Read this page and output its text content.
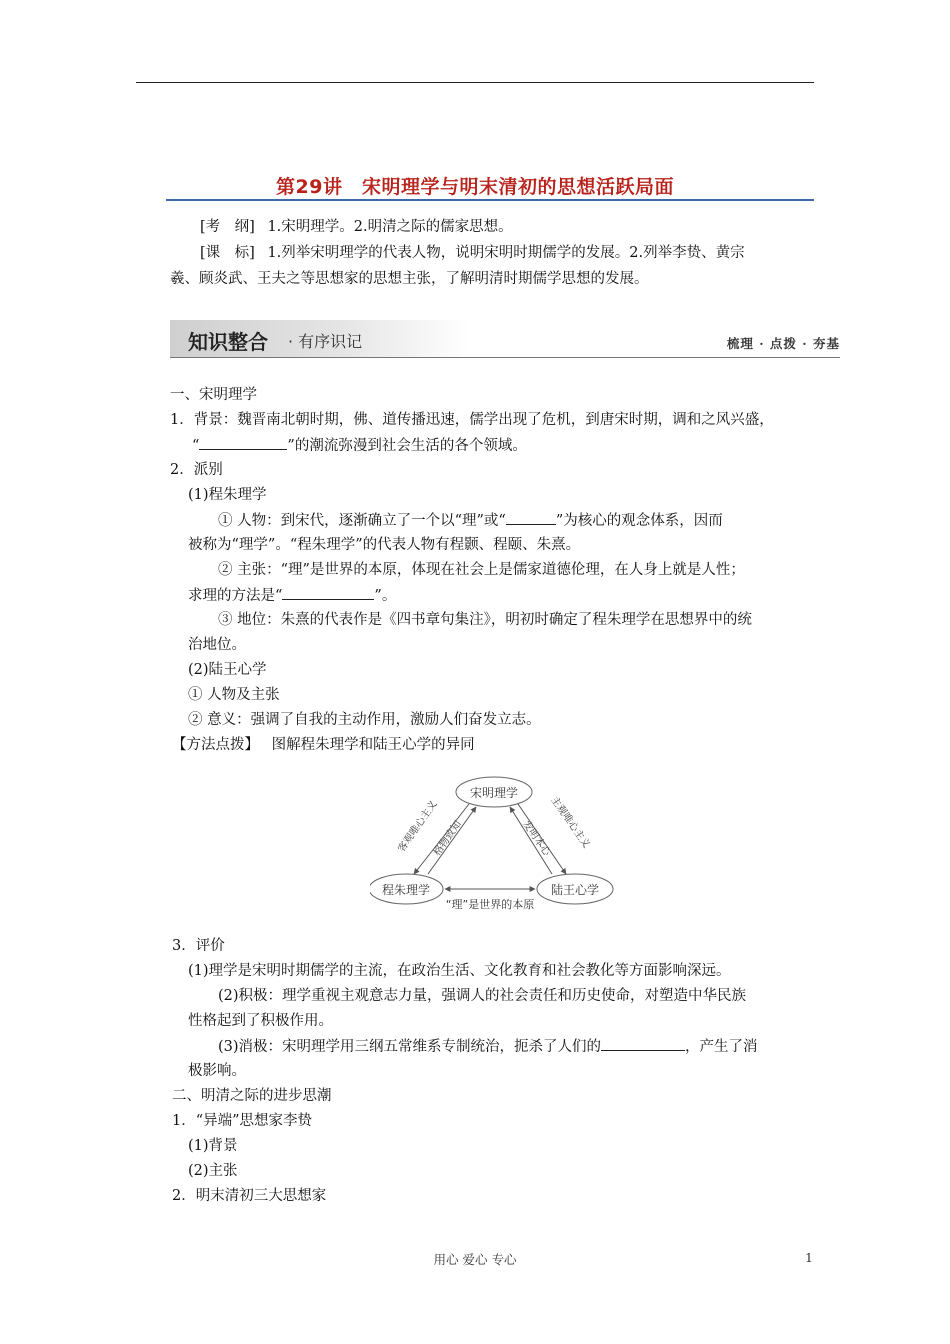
第29讲　宋明理学与明末清初的思想活跃局面
[考　纲] 1.宋明理学。2.明清之际的儒家思想。
[课　标] 1.列举宋明理学的代表人物，说明宋明时期儒学的发展。2.列举李贽、黄宗
羲、顾炎武、王夫之等思想家的思想主张，了解明清时期儒学思想的发展。
知识整合 · 有序识记	梳理 · 点拨 · 夯基
一、宋明理学
1．背景：魏晋南北朝时期，佛、道传播迅速，儒学出现了危机，到唐宋时期，调和之风兴盛，
“	”的潮流弥漫到社会生活的各个领域。
2．派别
(1)程朱理学
① 人物：到宋代，逐渐确立了一个以“理”或“	”为核心的观念体系，因而
被称为“理学”。“程朱理学”的代表人物有程颢、程颐、朱熹。
② 主张：“理”是世界的本原，体现在社会上是儒家道德伦理，在人身上就是人性；
求理的方法是“	”。
③ 地位：朱熹的代表作是《四书章句集注》，明初时确定了程朱理学在思想界中的统
治地位。
(2)陆王心学
① 人物及主张
② 意义：强调了自我的主动作用，激励人们奋发立志。
【方法点拨】 图解程朱理学和陆王心学的异同
宋明理学
程朱理学	陆王心学
客观唯心主义
格物致知	发明本心
主观唯心主义
“理”是世界的本原
3．评价
(1)理学是宋明时期儒学的主流，在政治生活、文化教育和社会教化等方面影响深远。
(2)积极：理学重视主观意志力量，强调人的社会责任和历史使命，对塑造中华民族
性格起到了积极作用。
(3)消极：宋明理学用三纲五常维系专制统治，扼杀了人们的	，产生了消
极影响。
二、明清之际的进步思潮
1．“异端”思想家李贽
(1)背景
(2)主张
2．明末清初三大思想家
用心 爱心 专心	1
